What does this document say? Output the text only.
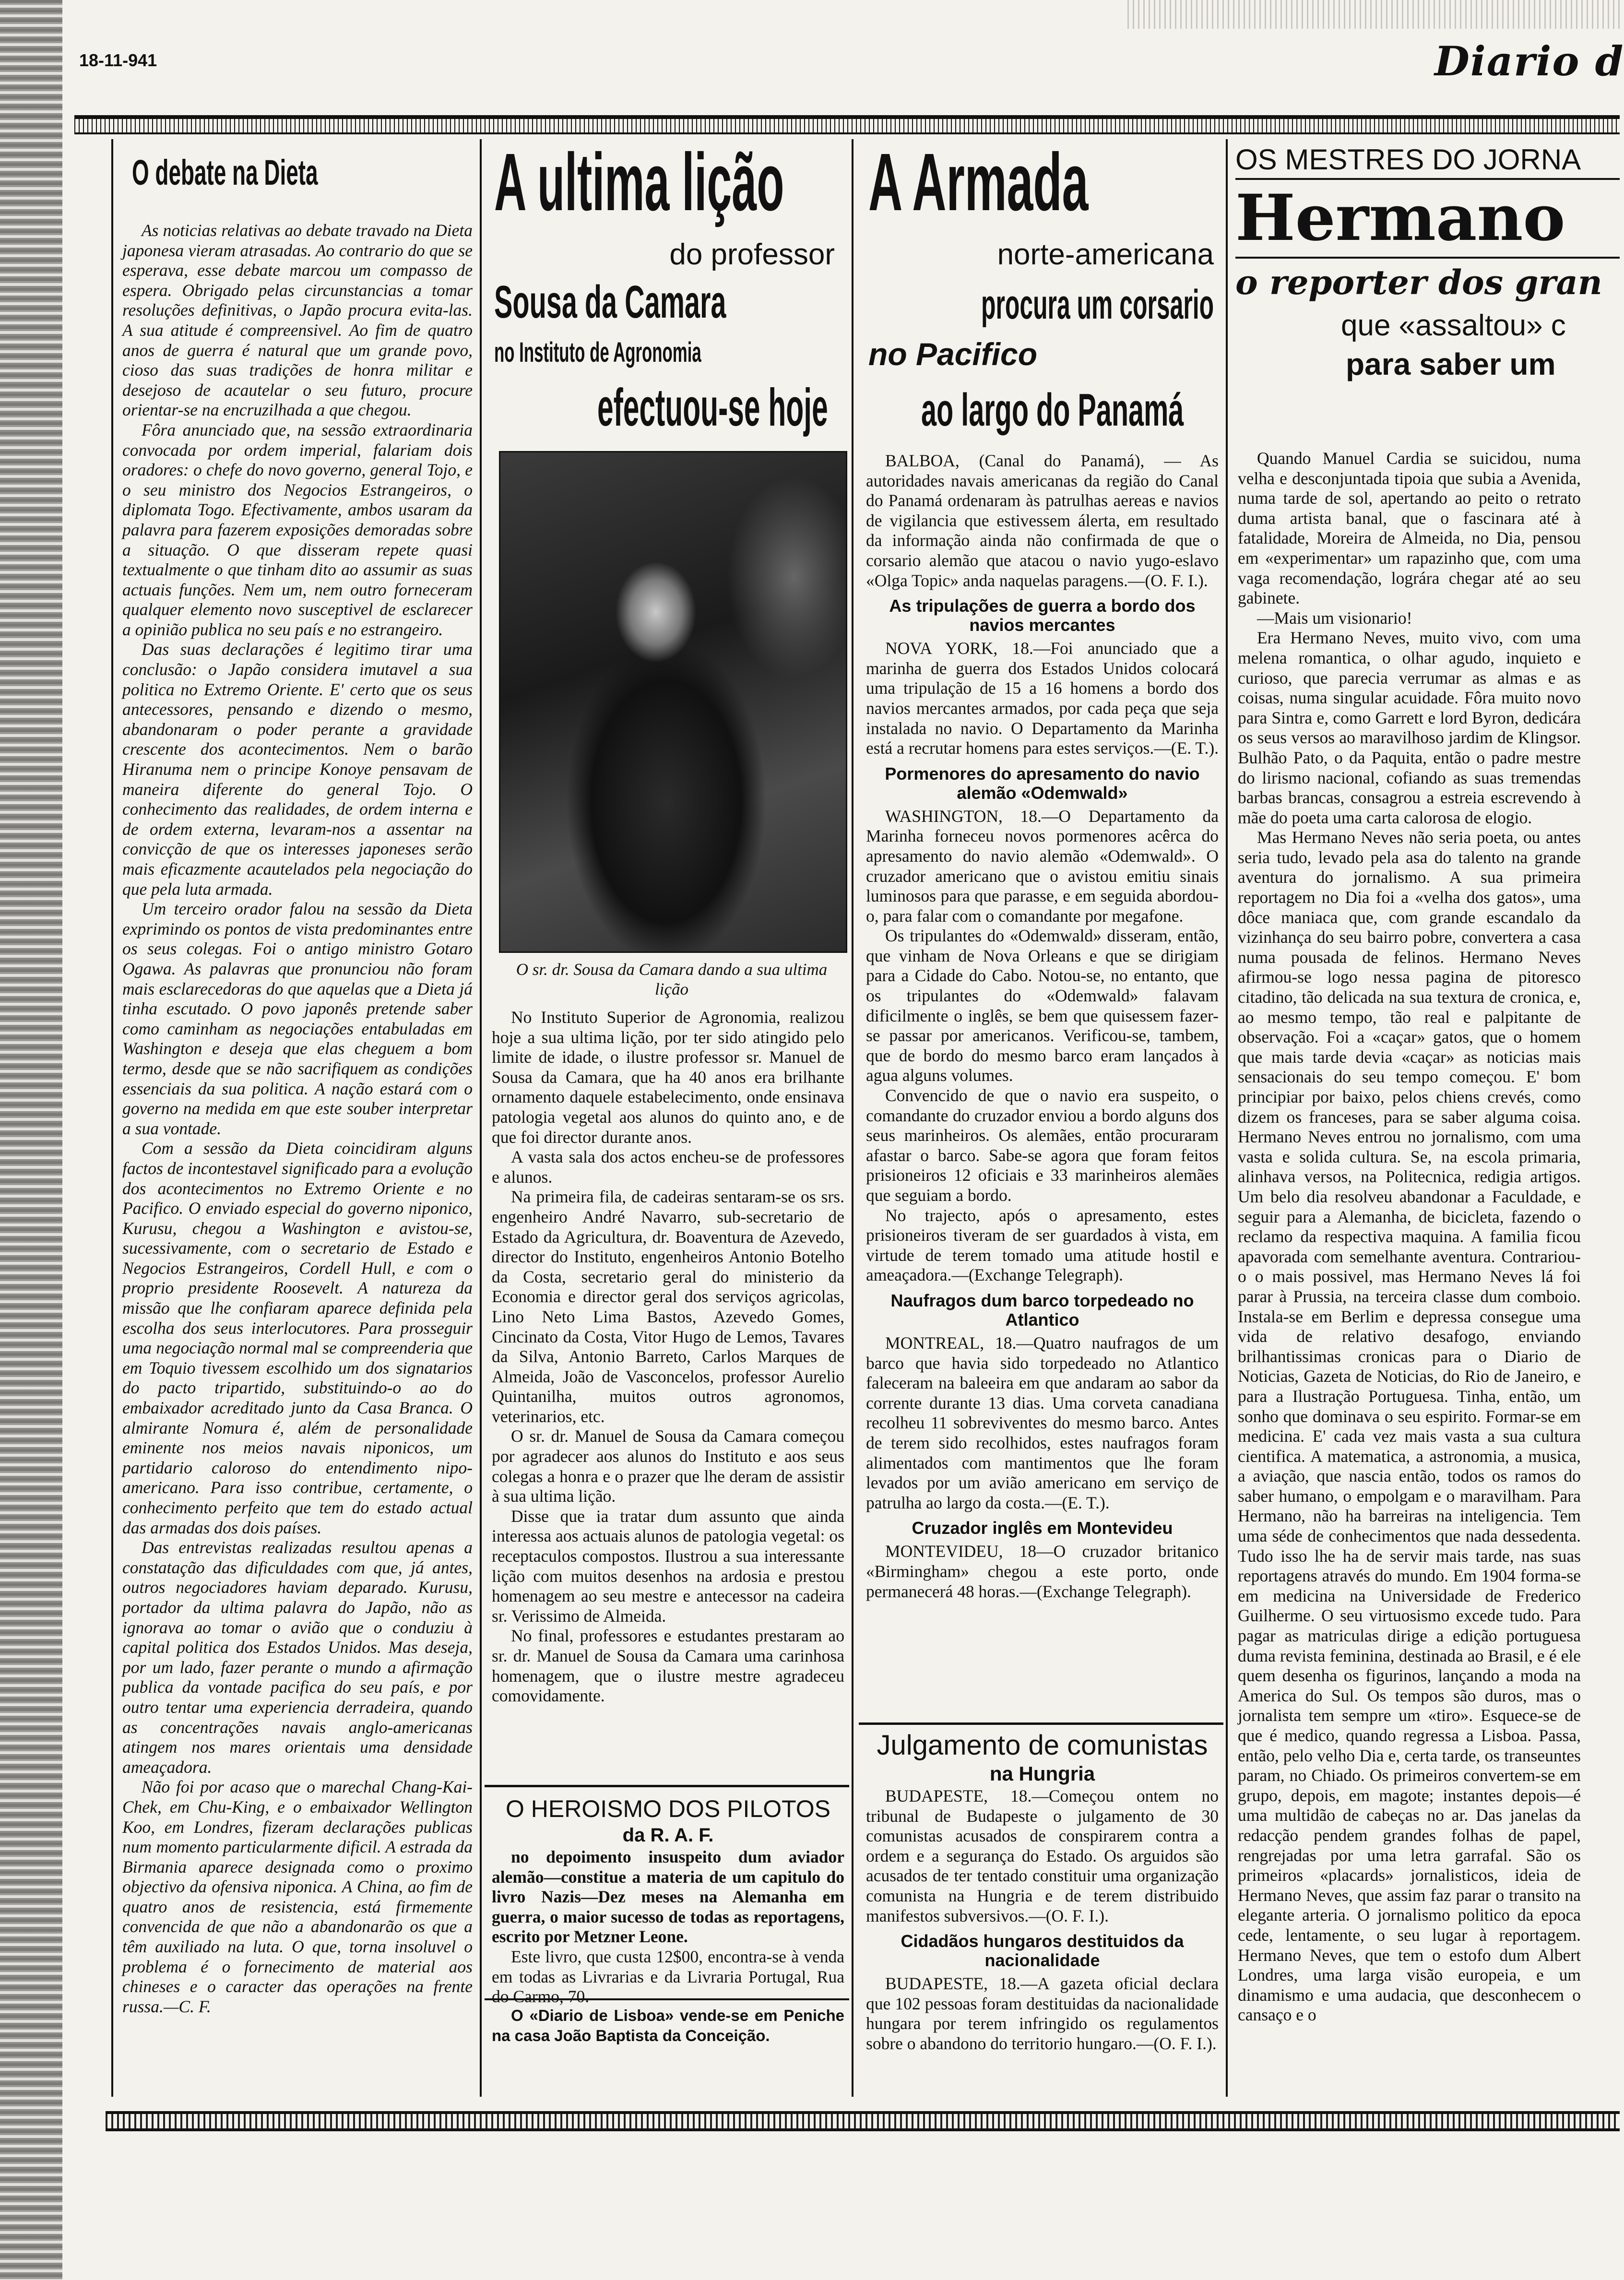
18-11-941	Diario d
O debate na Dieta

As noticias relativas ao debate travado na Dieta japonesa vieram atrasadas. Ao contrario do que se esperava, esse debate marcou um compasso de espera. Obrigado pelas circunstancias a tomar resoluções definitivas, o Japão procura evita-las. A sua atitude é compreensivel. Ao fim de quatro anos de guerra é natural que um grande povo, cioso das suas tradições de honra militar e desejoso de acautelar o seu futuro, procure orientar-se na encruzilhada a que chegou.

Fôra anunciado que, na sessão extraordinaria convocada por ordem imperial, falariam dois oradores: o chefe do novo governo, general Tojo, e o seu ministro dos Negocios Estrangeiros, o diplomata Togo. Efectivamente, ambos usaram da palavra para fazerem exposições demoradas sobre a situação. O que disseram repete quasi textualmente o que tinham dito ao assumir as suas actuais funções. Nem um, nem outro forneceram qualquer elemento novo susceptivel de esclarecer a opinião publica no seu país e no estrangeiro.

Das suas declarações é legitimo tirar uma conclusão: o Japão considera imutavel a sua politica no Extremo Oriente. E' certo que os seus antecessores, pensando e dizendo o mesmo, abandonaram o poder perante a gravidade crescente dos acontecimentos. Nem o barão Hiranuma nem o principe Konoye pensavam de maneira diferente do general Tojo. O conhecimento das realidades, de ordem interna e de ordem externa, levaram-nos a assentar na convicção de que os interesses japoneses serão mais eficazmente acautelados pela negociação do que pela luta armada.

Um terceiro orador falou na sessão da Dieta exprimindo os pontos de vista predominantes entre os seus colegas. Foi o antigo ministro Gotaro Ogawa. As palavras que pronunciou não foram mais esclarecedoras do que aquelas que a Dieta já tinha escutado. O povo japonês pretende saber como caminham as negociações entabuladas em Washington e deseja que elas cheguem a bom termo, desde que se não sacrifiquem as condições essenciais da sua politica. A nação estará com o governo na medida em que este souber interpretar a sua vontade.

Com a sessão da Dieta coincidiram alguns factos de incontestavel significado para a evolução dos acontecimentos no Extremo Oriente e no Pacifico. O enviado especial do governo niponico, Kurusu, chegou a Washington e avistou-se, sucessivamente, com o secretario de Estado e Negocios Estrangeiros, Cordell Hull, e com o proprio presidente Roosevelt. A natureza da missão que lhe confiaram aparece definida pela escolha dos seus interlocutores. Para prosseguir uma negociação normal mal se compreenderia que em Toquio tivessem escolhido um dos signatarios do pacto tripartido, substituindo-o ao do embaixador acreditado junto da Casa Branca. O almirante Nomura é, além de personalidade eminente nos meios navais niponicos, um partidario caloroso do entendimento nipo-americano. Para isso contribue, certamente, o conhecimento perfeito que tem do estado actual das armadas dos dois países.

Das entrevistas realizadas resultou apenas a constatação das dificuldades com que, já antes, outros negociadores haviam deparado. Kurusu, portador da ultima palavra do Japão, não as ignorava ao tomar o avião que o conduziu à capital politica dos Estados Unidos. Mas deseja, por um lado, fazer perante o mundo a afirmação publica da vontade pacifica do seu país, e por outro tentar uma experiencia derradeira, quando as concentrações navais anglo-americanas atingem nos mares orientais uma densidade ameaçadora.

Não foi por acaso que o marechal Chang-Kai-Chek, em Chu-King, e o embaixador Wellington Koo, em Londres, fizeram declarações publicas num momento particularmente dificil. A estrada da Birmania aparece designada como o proximo objectivo da ofensiva niponica. A China, ao fim de quatro anos de resistencia, está firmemente convencida de que não a abandonarão os que a têm auxiliado na luta. O que, torna insoluvel o problema é o fornecimento de material aos chineses e o caracter das operações na frente russa.—C. F.

A ultima lição
do professor
Sousa da Camara
no Instituto de Agronomia
efectuou-se hoje
O sr. dr. Sousa da Camara dando a sua ultima lição

No Instituto Superior de Agronomia, realizou hoje a sua ultima lição, por ter sido atingido pelo limite de idade, o ilustre professor sr. Manuel de Sousa da Camara, que ha 40 anos era brilhante ornamento daquele estabelecimento, onde ensinava patologia vegetal aos alunos do quinto ano, e de que foi director durante anos.

A vasta sala dos actos encheu-se de professores e alunos.

Na primeira fila, de cadeiras sentaram-se os srs. engenheiro André Navarro, sub-secretario de Estado da Agricultura, dr. Boaventura de Azevedo, director do Instituto, engenheiros Antonio Botelho da Costa, secretario geral do ministerio da Economia e director geral dos serviços agricolas, Lino Neto Lima Bastos, Azevedo Gomes, Cincinato da Costa, Vitor Hugo de Lemos, Tavares da Silva, Antonio Barreto, Carlos Marques de Almeida, João de Vasconcelos, professor Aurelio Quintanilha, muitos outros agronomos, veterinarios, etc.

O sr. dr. Manuel de Sousa da Camara começou por agradecer aos alunos do Instituto e aos seus colegas a honra e o prazer que lhe deram de assistir à sua ultima lição.

Disse que ia tratar dum assunto que ainda interessa aos actuais alunos de patologia vegetal: os receptaculos compostos. Ilustrou a sua interessante lição com muitos desenhos na ardosia e prestou homenagem ao seu mestre e antecessor na cadeira sr. Verissimo de Almeida.

No final, professores e estudantes prestaram ao sr. dr. Manuel de Sousa da Camara uma carinhosa homenagem, que o ilustre mestre agradeceu comovidamente.

O HEROISMO DOS PILOTOS
da R. A. F.

no depoimento insuspeito dum aviador alemão—constitue a materia de um capitulo do livro Nazis—Dez meses na Alemanha em guerra, o maior sucesso de todas as reportagens, escrito por Metzner Leone.

Este livro, que custa 12$00, encontra-se à venda em todas as Livrarias e da Livraria Portugal, Rua do Carmo, 70.

O «Diario de Lisboa» vende-se em Peniche na casa João Baptista da Conceição.

A Armada
norte-americana
procura um corsario
no Pacifico
ao largo do Panamá

BALBOA, (Canal do Panamá), — As autoridades navais americanas da região do Canal do Panamá ordenaram às patrulhas aereas e navios de vigilancia que estivessem álerta, em resultado da informação ainda não confirmada de que o corsario alemão que atacou o navio yugo-eslavo «Olga Topic» anda naquelas paragens.—(O. F. I.).

As tripulações de guerra a bordo dos navios mercantes

NOVA YORK, 18.—Foi anunciado que a marinha de guerra dos Estados Unidos colocará uma tripulação de 15 a 16 homens a bordo dos navios mercantes armados, por cada peça que seja instalada no navio. O Departamento da Marinha está a recrutar homens para estes serviços.—(E. T.).

Pormenores do apresamento do navio alemão «Odemwald»

WASHINGTON, 18.—O Departamento da Marinha forneceu novos pormenores acêrca do apresamento do navio alemão «Odemwald». O cruzador americano que o avistou emitiu sinais luminosos para que parasse, e em seguida abordou-o, para falar com o comandante por megafone.

Os tripulantes do «Odemwald» disseram, então, que vinham de Nova Orleans e que se dirigiam para a Cidade do Cabo. Notou-se, no entanto, que os tripulantes do «Odemwald» falavam dificilmente o inglês, se bem que quisessem fazer-se passar por americanos. Verificou-se, tambem, que de bordo do mesmo barco eram lançados à agua alguns volumes.

Convencido de que o navio era suspeito, o comandante do cruzador enviou a bordo alguns dos seus marinheiros. Os alemães, então procuraram afastar o barco. Sabe-se agora que foram feitos prisioneiros 12 oficiais e 33 marinheiros alemães que seguiam a bordo.

No trajecto, após o apresamento, estes prisioneiros tiveram de ser guardados à vista, em virtude de terem tomado uma atitude hostil e ameaçadora.—(Exchange Telegraph).

Naufragos dum barco torpedeado no Atlantico

MONTREAL, 18.—Quatro naufragos de um barco que havia sido torpedeado no Atlantico faleceram na baleeira em que andaram ao sabor da corrente durante 13 dias. Uma corveta canadiana recolheu 11 sobreviventes do mesmo barco. Antes de terem sido recolhidos, estes naufragos foram alimentados com mantimentos que lhe foram levados por um avião americano em serviço de patrulha ao largo da costa.—(E. T.).

Cruzador inglês em Montevideu

MONTEVIDEU, 18—O cruzador britanico «Birmingham» chegou a este porto, onde permanecerá 48 horas.—(Exchange Telegraph).

Julgamento de comunistas
na Hungria

BUDAPESTE, 18.—Começou ontem no tribunal de Budapeste o julgamento de 30 comunistas acusados de conspirarem contra a ordem e a segurança do Estado. Os arguidos são acusados de ter tentado constituir uma organização comunista na Hungria e de terem distribuido manifestos subversivos.—(O. F. I.).

Cidadãos hungaros destituidos da nacionalidade

BUDAPESTE, 18.—A gazeta oficial declara que 102 pessoas foram destituidas da nacionalidade hungara por terem infringido os regulamentos sobre o abandono do territorio hungaro.—(O. F. I.).

OS MESTRES DO JORNA
Hermano
o reporter dos gran
que «assaltou» c
para saber um

Quando Manuel Cardia se suicidou, numa velha e desconjuntada tipoia que subia a Avenida, numa tarde de sol, apertando ao peito o retrato duma artista banal, que o fascinara até à fatalidade, Moreira de Almeida, no Dia, pensou em «experimentar» um rapazinho que, com uma vaga recomendação, lográra chegar até ao seu gabinete.

—Mais um visionario!

Era Hermano Neves, muito vivo, com uma melena romantica, o olhar agudo, inquieto e curioso, que parecia verrumar as almas e as coisas, numa singular acuidade. Fôra muito novo para Sintra e, como Garrett e lord Byron, dedicára os seus versos ao maravilhoso jardim de Klingsor. Bulhão Pato, o da Paquita, então o padre mestre do lirismo nacional, cofiando as suas tremendas barbas brancas, consagrou a estreia escrevendo à mãe do poeta uma carta calorosa de elogio.

Mas Hermano Neves não seria poeta, ou antes seria tudo, levado pela asa do talento na grande aventura do jornalismo. A sua primeira reportagem no Dia foi a «velha dos gatos», uma dôce maniaca que, com grande escandalo da vizinhança do seu bairro pobre, convertera a casa numa pousada de felinos. Hermano Neves afirmou-se logo nessa pagina de pitoresco citadino, tão delicada na sua textura de cronica, e, ao mesmo tempo, tão real e palpitante de observação. Foi a «caçar» gatos, que o homem que mais tarde devia «caçar» as noticias mais sensacionais do seu tempo começou. E' bom principiar por baixo, pelos chiens crevés, como dizem os franceses, para se saber alguma coisa. Hermano Neves entrou no jornalismo, com uma vasta e solida cultura. Se, na escola primaria, alinhava versos, na Politecnica, redigia artigos. Um belo dia resolveu abandonar a Faculdade, e seguir para a Alemanha, de bicicleta, fazendo o reclamo da respectiva maquina. A familia ficou apavorada com semelhante aventura. Contrariou-o o mais possivel, mas Hermano Neves lá foi parar à Prussia, na terceira classe dum comboio. Instala-se em Berlim e depressa consegue uma vida de relativo desafogo, enviando brilhantissimas cronicas para o Diario de Noticias, Gazeta de Noticias, do Rio de Janeiro, e para a Ilustração Portuguesa. Tinha, então, um sonho que dominava o seu espirito. Formar-se em medicina. E' cada vez mais vasta a sua cultura cientifica. A matematica, a astronomia, a musica, a aviação, que nascia então, todos os ramos do saber humano, o empolgam e o maravilham. Para Hermano, não ha barreiras na inteligencia. Tem uma séde de conhecimentos que nada dessedenta. Tudo isso lhe ha de servir mais tarde, nas suas reportagens através do mundo. Em 1904 forma-se em medicina na Universidade de Frederico Guilherme. O seu virtuosismo excede tudo. Para pagar as matriculas dirige a edição portuguesa duma revista feminina, destinada ao Brasil, e é ele quem desenha os figurinos, lançando a moda na America do Sul. Os tempos são duros, mas o jornalista tem sempre um «tiro». Esquece-se de que é medico, quando regressa a Lisboa. Passa, então, pelo velho Dia e, certa tarde, os transeuntes param, no Chiado. Os primeiros convertem-se em grupo, depois, em magote; instantes depois—é uma multidão de cabeças no ar. Das janelas da redacção pendem grandes folhas de papel, rengrejadas por uma letra garrafal. São os primeiros «placards» jornalisticos, ideia de Hermano Neves, que assim faz parar o transito na elegante arteria. O jornalismo politico da epoca cede, lentamente, o seu lugar à reportagem. Hermano Neves, que tem o estofo dum Albert Londres, uma larga visão europeia, e um dinamismo e uma audacia, que desconhecem o cansaço e o
